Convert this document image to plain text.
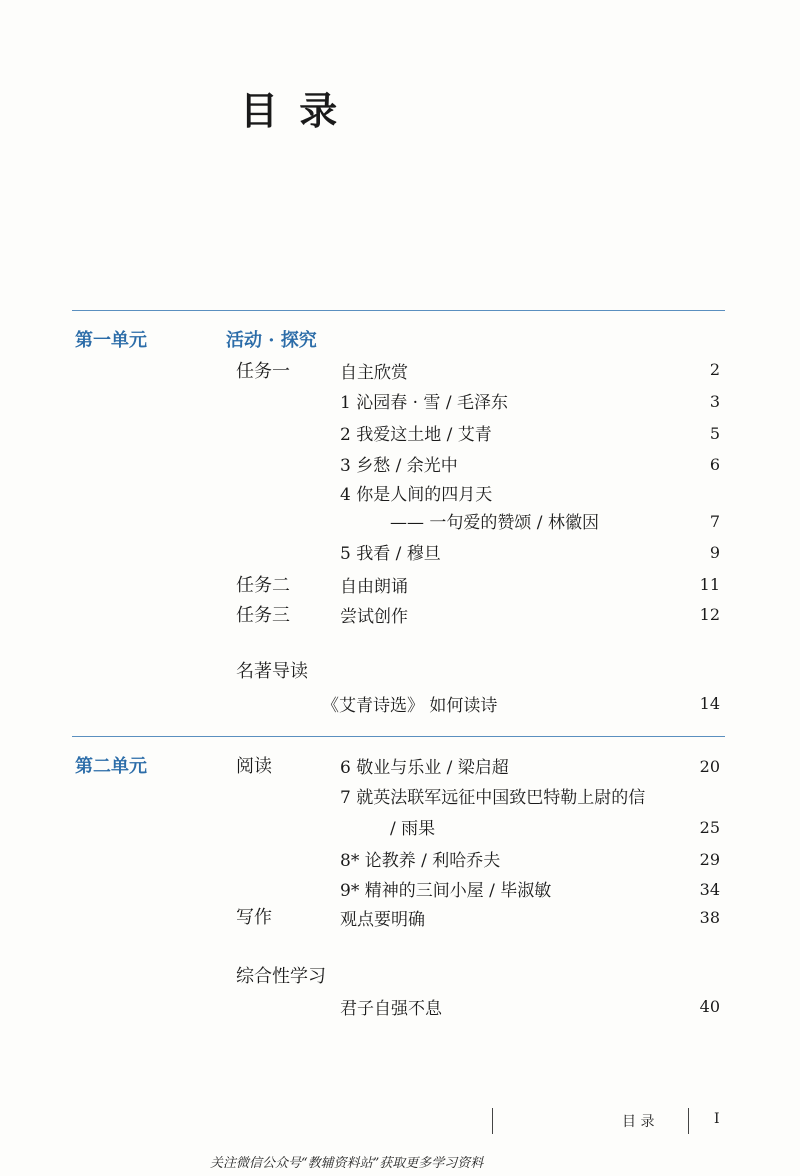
目 录
第一单元	活动 · 探究
任务一	自主欣赏	2
1 沁园春 · 雪 / 毛泽东	3
2 我爱这土地 / 艾青	5
3 乡愁 / 余光中	6
4 你是人间的四月天
—— 一句爱的赞颂 / 林徽因	7
5 我看 / 穆旦	9
任务二	自由朗诵	11
任务三	尝试创作	12
名著导读
《艾青诗选》 如何读诗	14
第二单元	阅读	6 敬业与乐业 / 梁启超	20
7 就英法联军远征中国致巴特勒上尉的信
/ 雨果	25
8* 论教养 / 利哈乔夫	29
9* 精神的三间小屋 / 毕淑敏	34
写作	观点要明确	38
综合性学习
君子自强不息	40
目 录	I
关注微信公众号“教辅资料站”获取更多学习资料
